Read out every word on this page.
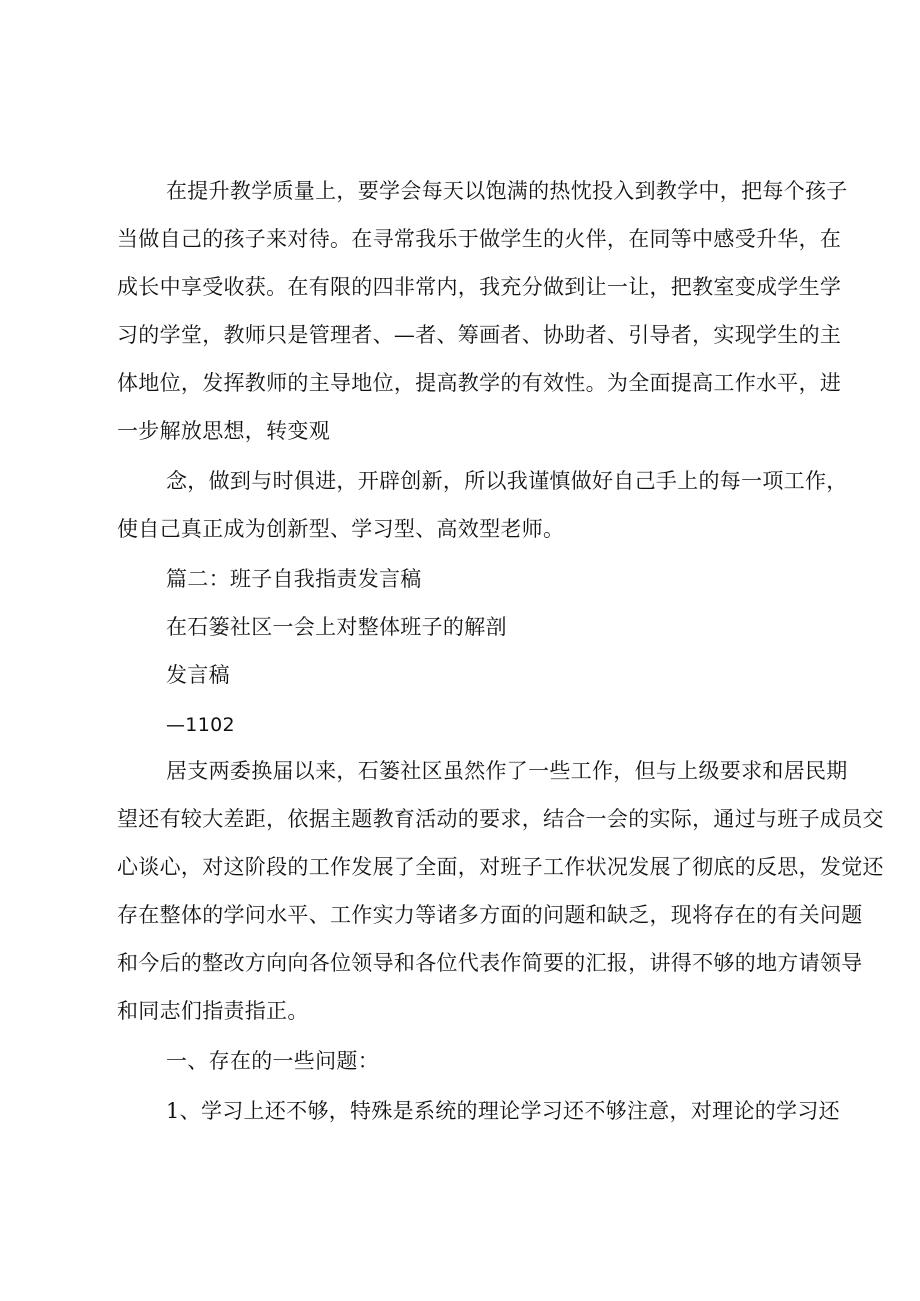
在提升教学质量上，要学会每天以饱满的热忱投入到教学中，把每个孩子
当做自己的孩子来对待。在寻常我乐于做学生的火伴，在同等中感受升华，在
成长中享受收获。在有限的四非常内，我充分做到让一让，把教室变成学生学
习的学堂，教师只是管理者、—者、筹画者、协助者、引导者，实现学生的主
体地位，发挥教师的主导地位，提高教学的有效性。为全面提高工作水平，进
一步解放思想，转变观
念，做到与时俱进，开辟创新，所以我谨慎做好自己手上的每一项工作，
使自己真正成为创新型、学习型、高效型老师。
篇二：班子自我指责发言稿
在石篓社区一会上对整体班子的解剖
发言稿
—1102
居支两委换届以来，石篓社区虽然作了一些工作，但与上级要求和居民期
望还有较大差距，依据主题教育活动的要求，结合一会的实际，通过与班子成员交
心谈心，对这阶段的工作发展了全面，对班子工作状况发展了彻底的反思，发觉还
存在整体的学问水平、工作实力等诸多方面的问题和缺乏，现将存在的有关问题
和今后的整改方向向各位领导和各位代表作简要的汇报，讲得不够的地方请领导
和同志们指责指正。
一、存在的一些问题：
1、学习上还不够，特殊是系统的理论学习还不够注意，对理论的学习还
